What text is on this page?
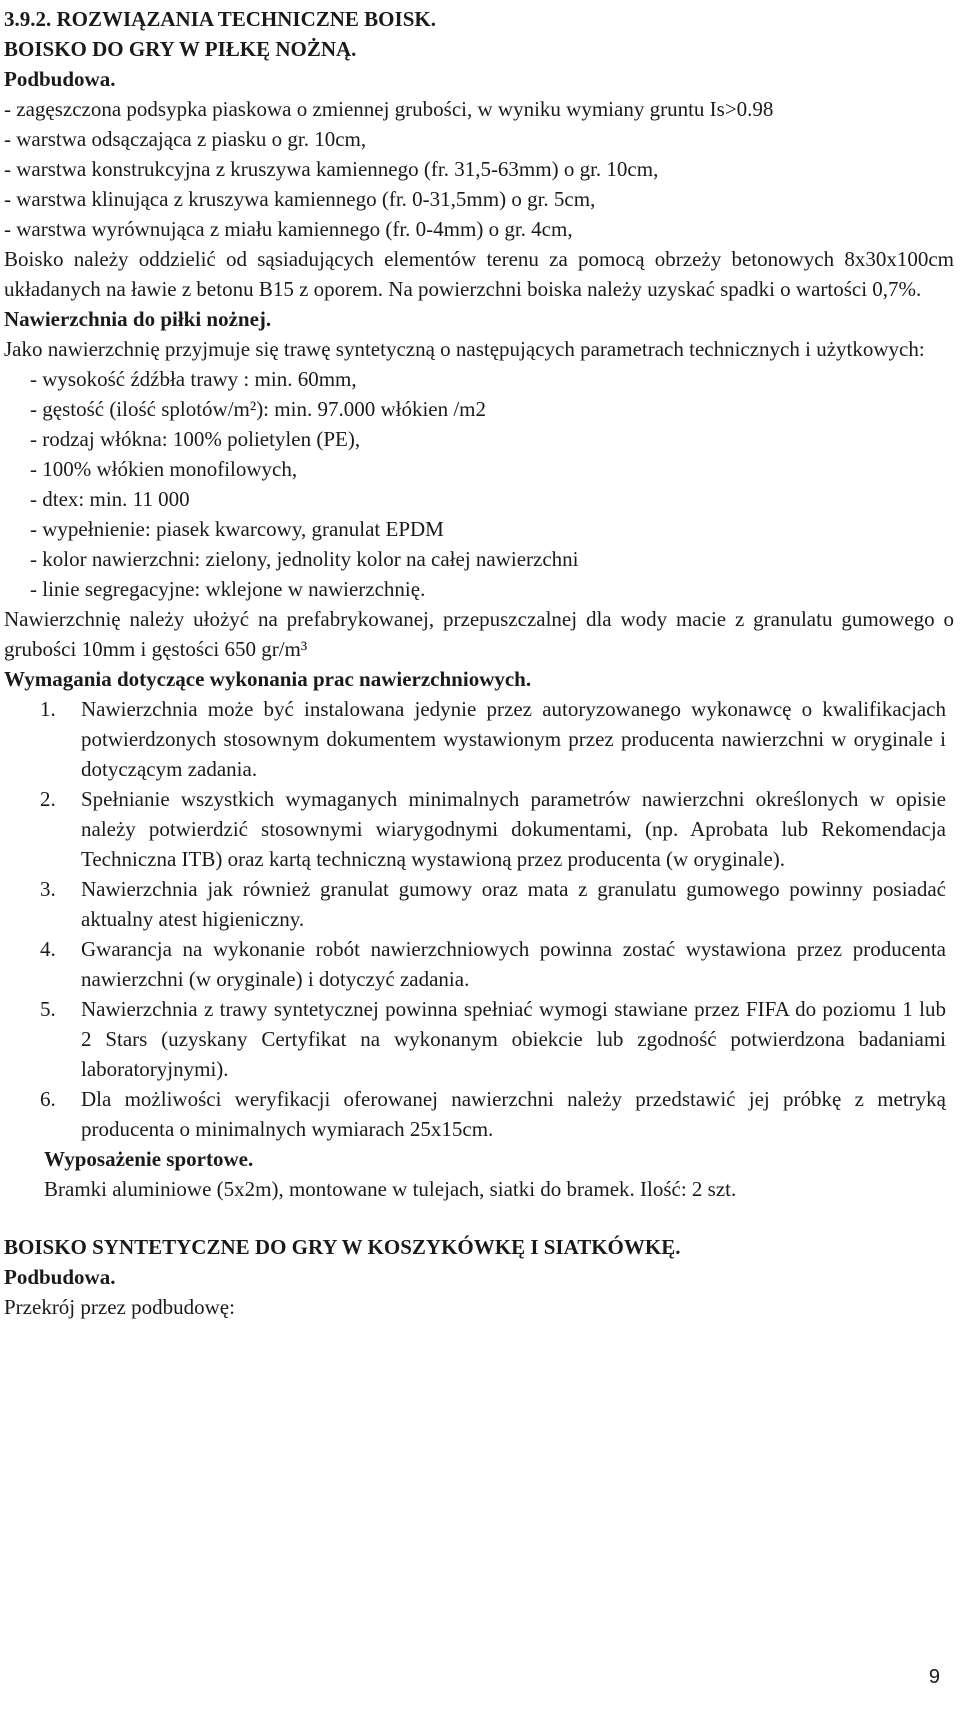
3.9.2. ROZWIĄZANIA TECHNICZNE BOISK.
BOISKO DO GRY W PIŁKĘ NOŻNĄ.
Podbudowa.
- zagęszczona podsypka piaskowa o zmiennej grubości, w wyniku wymiany gruntu Is>0.98
- warstwa odsączająca z piasku o gr. 10cm,
- warstwa konstrukcyjna z kruszywa kamiennego (fr. 31,5-63mm) o gr. 10cm,
- warstwa klinująca z kruszywa kamiennego (fr. 0-31,5mm) o gr. 5cm,
- warstwa wyrównująca z miału kamiennego (fr. 0-4mm) o gr. 4cm,
Boisko należy oddzielić od sąsiadujących elementów terenu za pomocą obrzeży betonowych 8x30x100cm układanych na ławie z betonu B15 z oporem. Na powierzchni boiska należy uzyskać spadki o wartości 0,7%.
Nawierzchnia do piłki nożnej.
Jako nawierzchnię przyjmuje się trawę syntetyczną o następujących parametrach technicznych i użytkowych:
- wysokość źdźbła trawy : min. 60mm,
- gęstość (ilość splotów/m²): min. 97.000 włókien /m2
- rodzaj włókna: 100% polietylen (PE),
- 100% włókien monofilowych,
- dtex: min. 11 000
- wypełnienie: piasek kwarcowy, granulat EPDM
- kolor nawierzchni: zielony, jednolity kolor na całej nawierzchni
- linie segregacyjne: wklejone w nawierzchnię.
Nawierzchnię należy ułożyć na prefabrykowanej, przepuszczalnej dla wody macie z granulatu gumowego o grubości 10mm i gęstości 650 gr/m³
Wymagania dotyczące wykonania prac nawierzchniowych.
1.	Nawierzchnia może być instalowana jedynie przez autoryzowanego wykonawcę o kwalifikacjach potwierdzonych stosownym dokumentem wystawionym przez producenta nawierzchni w oryginale i dotyczącym zadania.
2.	Spełnianie wszystkich wymaganych minimalnych parametrów nawierzchni określonych w opisie należy potwierdzić stosownymi wiarygodnymi dokumentami, (np. Aprobata lub Rekomendacja Techniczna ITB) oraz kartą techniczną wystawioną przez producenta (w oryginale).
3.	Nawierzchnia jak również granulat gumowy oraz mata z granulatu gumowego powinny posiadać aktualny atest higieniczny.
4.	Gwarancja na wykonanie robót nawierzchniowych powinna zostać wystawiona przez producenta nawierzchni (w oryginale) i dotyczyć zadania.
5.	Nawierzchnia z trawy syntetycznej powinna spełniać wymogi stawiane przez FIFA do poziomu 1 lub 2 Stars (uzyskany Certyfikat na wykonanym obiekcie lub zgodność potwierdzona badaniami laboratoryjnymi).
6.	Dla możliwości weryfikacji oferowanej nawierzchni należy przedstawić jej próbkę z metryką producenta o minimalnych wymiarach 25x15cm.
Wyposażenie sportowe.
Bramki aluminiowe (5x2m), montowane w tulejach, siatki do bramek. Ilość: 2 szt.
BOISKO SYNTETYCZNE DO GRY W KOSZYKÓWKĘ I SIATKÓWKĘ.
Podbudowa.
Przekrój przez podbudowę:
9
